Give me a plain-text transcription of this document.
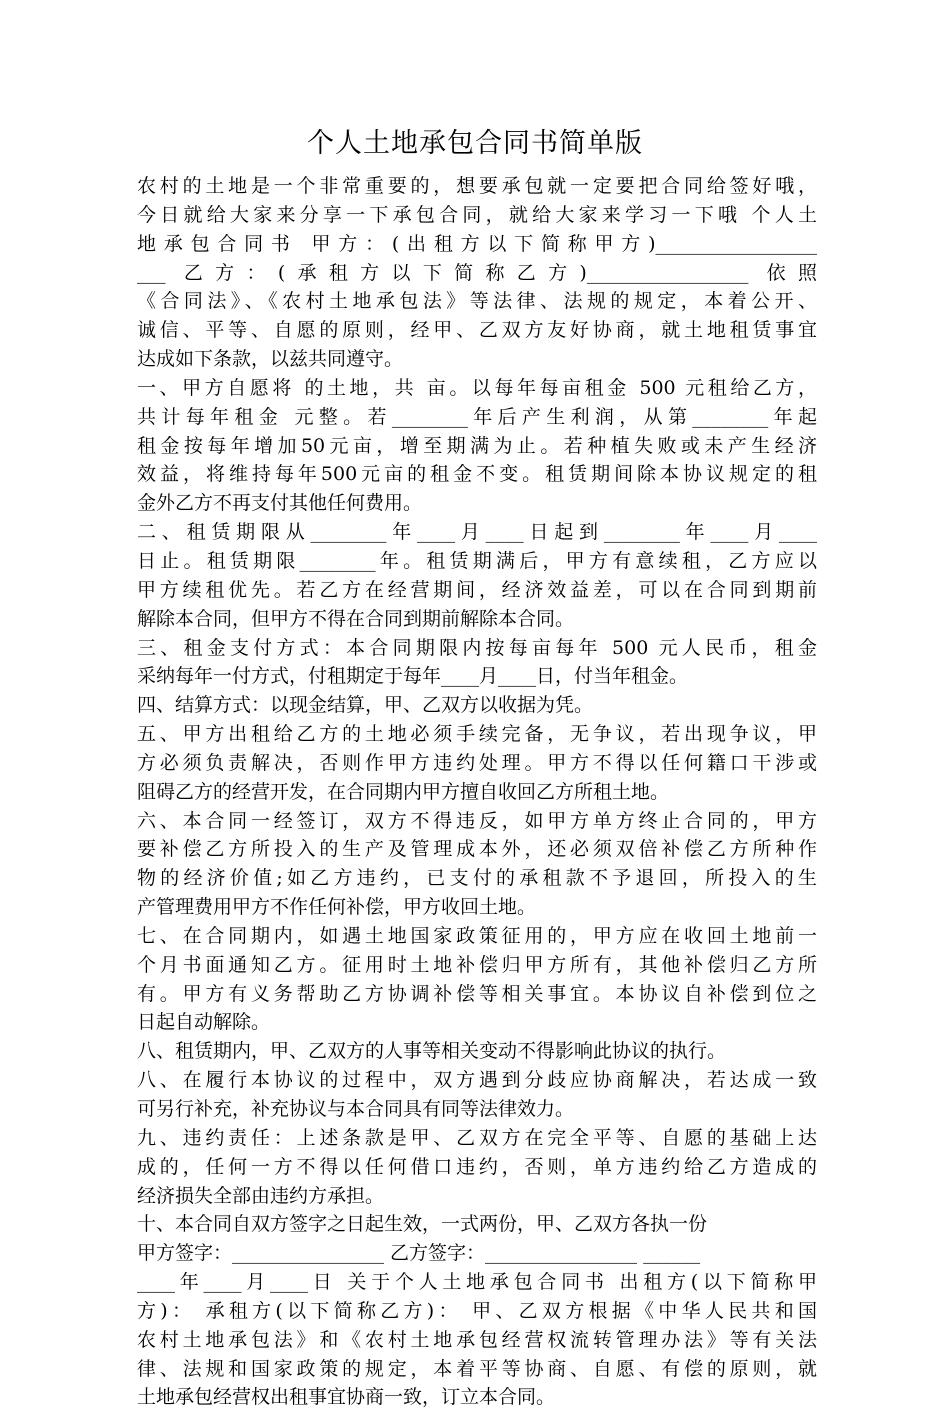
个人土地承包合同书简单版
农村的土地是一个非常重要的，想要承包就一定要把合同给签好哦，
今日就给大家来分享一下承包合同，就给大家来学习一下哦 个人土
地承包合同书 甲方：(出租方以下简称甲方)_________________
___ 乙方：(承租方以下简称乙方)_________________ 依照
《合同法》、《农村土地承包法》等法律、法规的规定，本着公开、
诚信、平等、自愿的原则，经甲、乙双方友好协商，就土地租赁事宜
达成如下条款，以兹共同遵守。
一、甲方自愿将 的土地，共 亩。以每年每亩租金 500 元租给乙方，
共计每年租金 元整。若________年后产生利润，从第________年起
租金按每年增加50元亩，增至期满为止。若种植失败或未产生经济
效益，将维持每年500元亩的租金不变。租赁期间除本协议规定的租
金外乙方不再支付其他任何费用。
二、租赁期限从________年____月____日起到________年____月____
日止。租赁期限________年。租赁期满后，甲方有意续租，乙方应以
甲方续租优先。若乙方在经营期间，经济效益差，可以在合同到期前
解除本合同，但甲方不得在合同到期前解除本合同。
三、租金支付方式：本合同期限内按每亩每年 500 元人民币，租金
采纳每年一付方式，付租期定于每年____月____日，付当年租金。
四、结算方式：以现金结算，甲、乙双方以收据为凭。
五、甲方出租给乙方的土地必须手续完备，无争议，若出现争议，甲
方必须负责解决，否则作甲方违约处理。甲方不得以任何籍口干涉或
阻碍乙方的经营开发，在合同期内甲方擅自收回乙方所租土地。
六、本合同一经签订，双方不得违反，如甲方单方终止合同的，甲方
要补偿乙方所投入的生产及管理成本外，还必须双倍补偿乙方所种作
物的经济价值;如乙方违约，已支付的承租款不予退回，所投入的生
产管理费用甲方不作任何补偿，甲方收回土地。
七、在合同期内，如遇土地国家政策征用的，甲方应在收回土地前一
个月书面通知乙方。征用时土地补偿归甲方所有，其他补偿归乙方所
有。甲方有义务帮助乙方协调补偿等相关事宜。本协议自补偿到位之
日起自动解除。
八、租赁期内，甲、乙双方的人事等相关变动不得影响此协议的执行。
八、在履行本协议的过程中，双方遇到分歧应协商解决，若达成一致
可另行补充，补充协议与本合同具有同等法律效力。
九、违约责任：上述条款是甲、乙双方在完全平等、自愿的基础上达
成的，任何一方不得以任何借口违约，否则，单方违约给乙方造成的
经济损失全部由违约方承担。
十、本合同自双方签字之日起生效，一式两份，甲、乙双方各执一份
甲方签字：________________ 乙方签字：________________ ______
____年____月____日 关于个人土地承包合同书 出租方(以下简称甲
方)： 承租方(以下简称乙方)： 甲、乙双方根据《中华人民共和国
农村土地承包法》和《农村土地承包经营权流转管理办法》等有关法
律、法规和国家政策的规定，本着平等协商、自愿、有偿的原则，就
土地承包经营权出租事宜协商一致，订立本合同。
